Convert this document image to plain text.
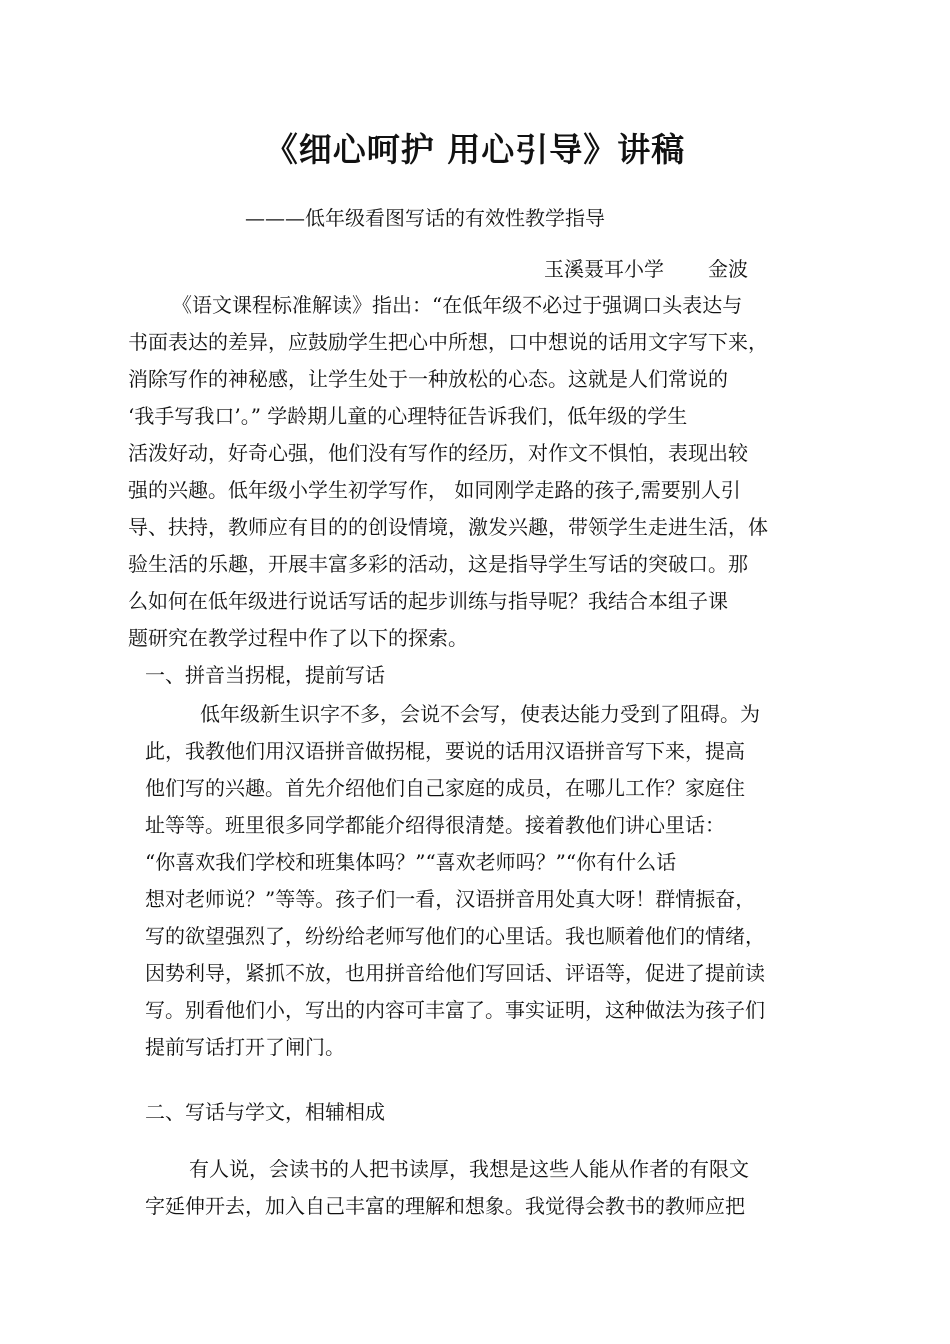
《细心呵护 用心引导》讲稿
———低年级看图写话的有效性教学指导
玉溪聂耳小学 金波

《语文课程标准解读》指出：“在低年级不必过于强调口头表达与

书面表达的差异，应鼓励学生把心中所想，口中想说的话用文字写下来，

消除写作的神秘感，让学生处于一种放松的心态。这就是人们常说的

‘我手写我口’。” 学龄期儿童的心理特征告诉我们，低年级的学生

活泼好动，好奇心强，他们没有写作的经历，对作文不惧怕，表现出较

强的兴趣。低年级小学生初学写作， 如同刚学走路的孩子,需要别人引

导、扶持，教师应有目的的创设情境，激发兴趣，带领学生走进生活，体

验生活的乐趣，开展丰富多彩的活动，这是指导学生写话的突破口。那

么如何在低年级进行说话写话的起步训练与指导呢？我结合本组子课

题研究在教学过程中作了以下的探索。

一、拼音当拐棍，提前写话

低年级新生识字不多，会说不会写，使表达能力受到了阻碍。为

此，我教他们用汉语拼音做拐棍，要说的话用汉语拼音写下来，提高

他们写的兴趣。首先介绍他们自己家庭的成员，在哪儿工作？家庭住

址等等。班里很多同学都能介绍得很清楚。接着教他们讲心里话：

“你喜欢我们学校和班集体吗？”“喜欢老师吗？”“你有什么话

想对老师说？”等等。孩子们一看，汉语拼音用处真大呀！群情振奋，

写的欲望强烈了，纷纷给老师写他们的心里话。我也顺着他们的情绪，

因势利导，紧抓不放，也用拼音给他们写回话、评语等，促进了提前读

写。别看他们小，写出的内容可丰富了。事实证明，这种做法为孩子们

提前写话打开了闸门。

二、写话与学文，相辅相成

有人说，会读书的人把书读厚，我想是这些人能从作者的有限文

字延伸开去，加入自己丰富的理解和想象。我觉得会教书的教师应把
